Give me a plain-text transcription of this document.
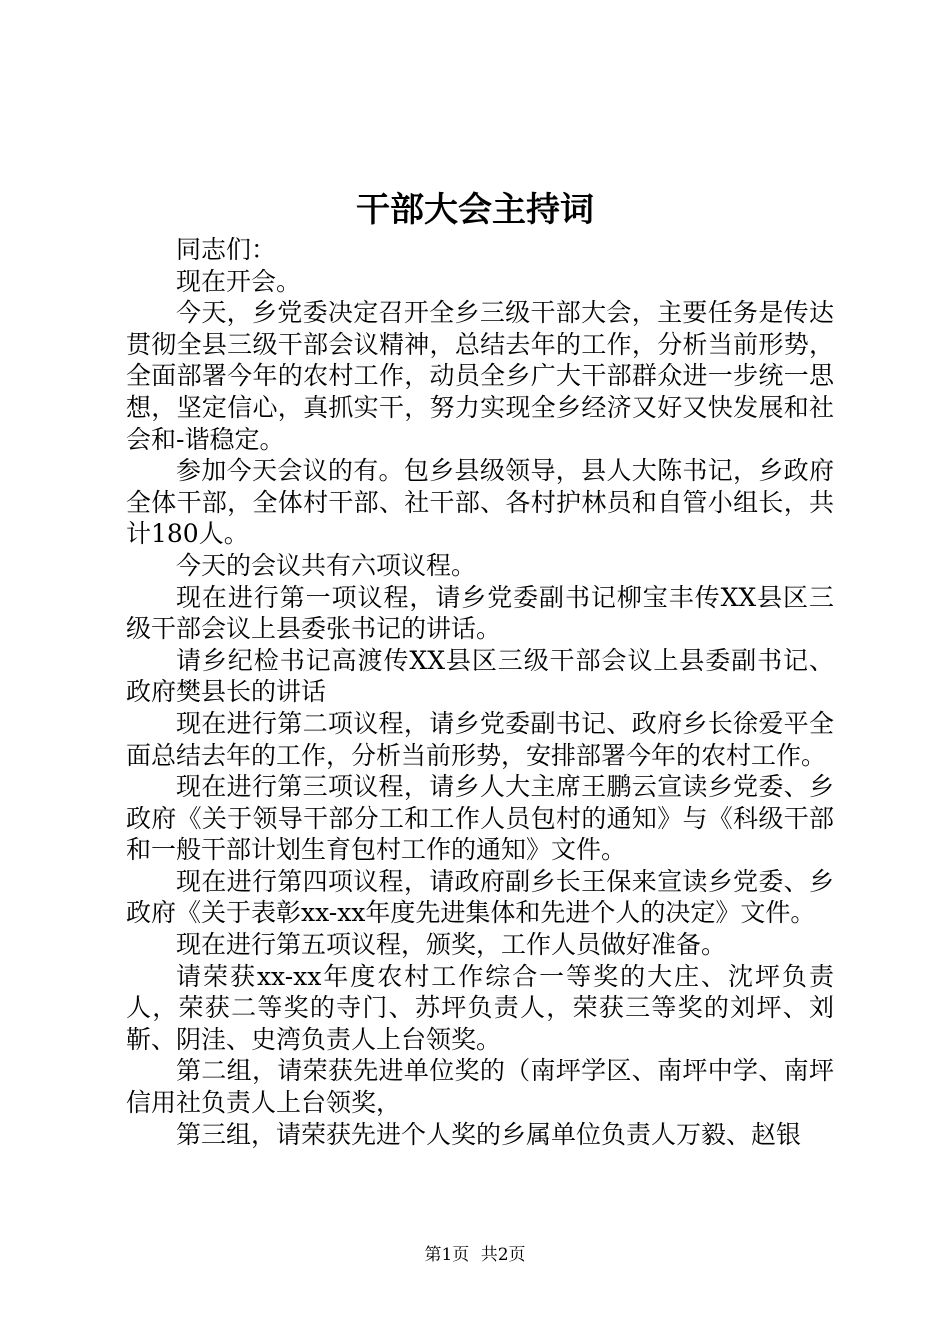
干部大会主持词

同志们：

现在开会。

今天，乡党委决定召开全乡三级干部大会，主要任务是传达贯彻全县三级干部会议精神，总结去年的工作，分析当前形势，全面部署今年的农村工作，动员全乡广大干部群众进一步统一思想，坚定信心，真抓实干，努力实现全乡经济又好又快发展和社会和-谐稳定。

参加今天会议的有。包乡县级领导，县人大陈书记，乡政府全体干部，全体村干部、社干部、各村护林员和自管小组长，共计180人。

今天的会议共有六项议程。

现在进行第一项议程，请乡党委副书记柳宝丰传XX县区三级干部会议上县委张书记的讲话。

请乡纪检书记高渡传XX县区三级干部会议上县委副书记、政府樊县长的讲话

现在进行第二项议程，请乡党委副书记、政府乡长徐爱平全面总结去年的工作，分析当前形势，安排部署今年的农村工作。

现在进行第三项议程，请乡人大主席王鹏云宣读乡党委、乡政府《关于领导干部分工和工作人员包村的通知》与《科级干部和一般干部计划生育包村工作的通知》文件。

现在进行第四项议程，请政府副乡长王保来宣读乡党委、乡政府《关于表彰xx-xx年度先进集体和先进个人的决定》文件。

现在进行第五项议程，颁奖，工作人员做好准备。

请荣获xx-xx年度农村工作综合一等奖的大庄、沈坪负责人，荣获二等奖的寺门、苏坪负责人，荣获三等奖的刘坪、刘靳、阴洼、史湾负责人上台领奖。

第二组，请荣获先进单位奖的（南坪学区、南坪中学、南坪信用社负责人上台领奖，

第三组，请荣获先进个人奖的乡属单位负责人万毅、赵银

第1页 共2页
